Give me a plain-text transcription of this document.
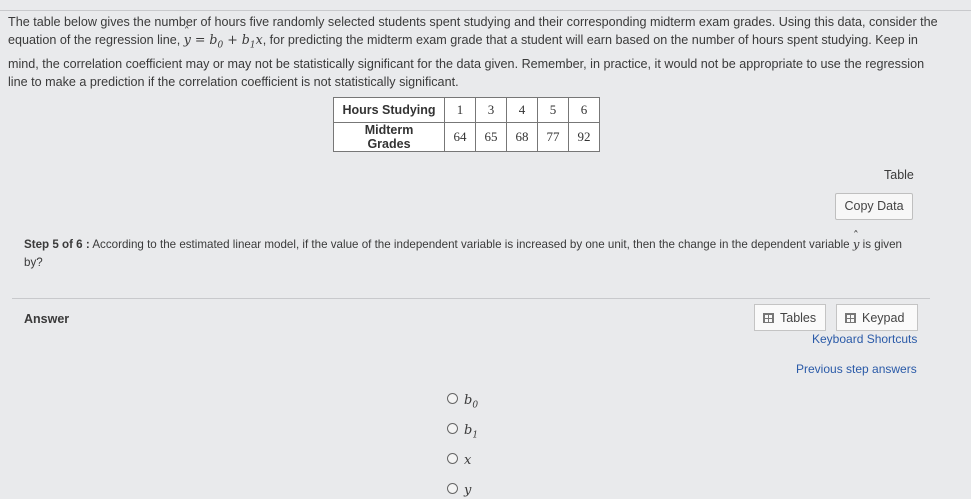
The table below gives the number of hours five randomly selected students spent studying and their corresponding midterm exam grades. Using this data, consider the equation of the regression line, ˆ $y = b_0 + b_1x$, for predicting the midterm exam grade that a student will earn based on the number of hours spent studying. Keep in mind, the correlation coefficient may or may not be statistically significant for the data given. Remember, in practice, it would not be appropriate to use the regression line to make a prediction if the correlation coefficient is not statistically significant.
Hours Studying	1	3	4	5	6
Midterm Grades	64	65	68	77	92
Table
Copy Data
Step 5 of 6 : According to the estimated linear model, if the value of the independent variable is increased by one unit, then the change in the dependent variable ˆ y is given by?
Answer	Tables	Keypad
Keyboard Shortcuts
Previous step answers
$b_0$
$b_1$
x
y
